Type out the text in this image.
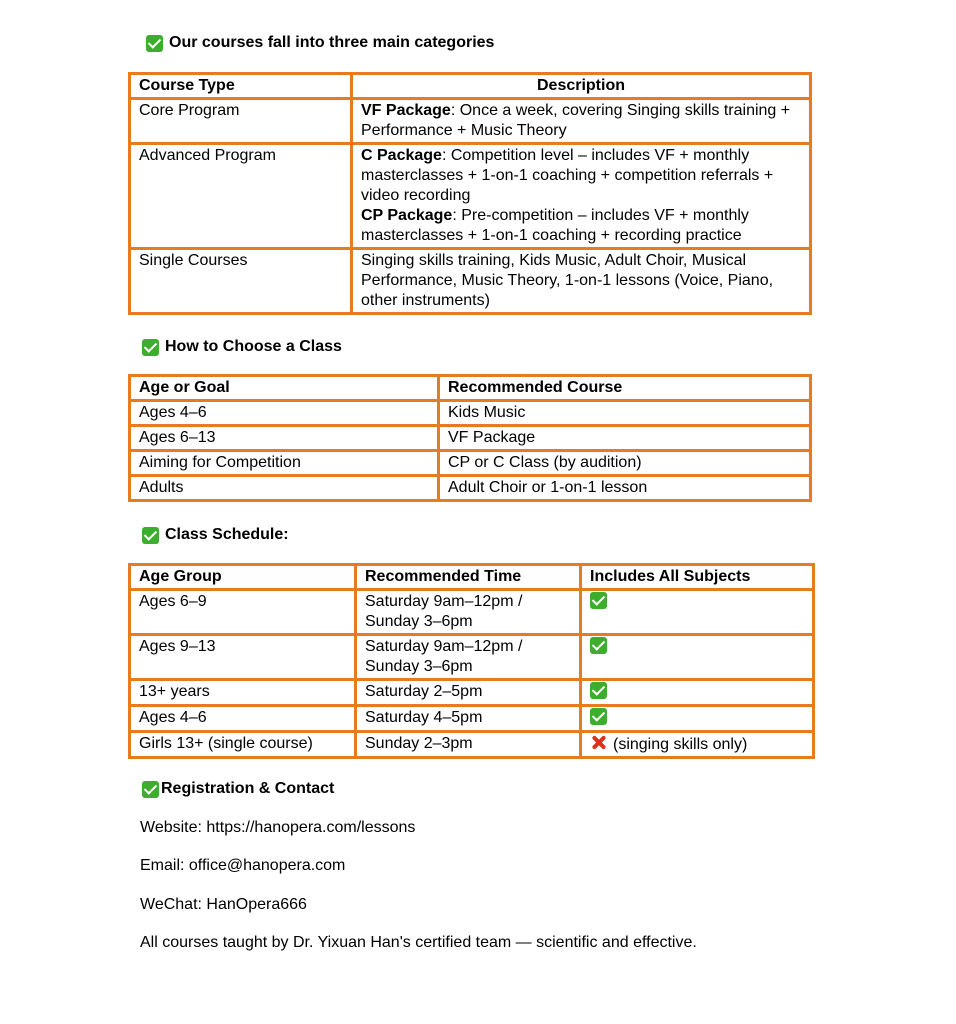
Our courses fall into three main categories
Course Type	Description
Core Program	VF Package: Once a week, covering Singing skills training + Performance + Music Theory

Advanced Program	C Package: Competition level – includes VF + monthly masterclasses + 1-on-1 coaching + competition referrals + video recording
CP Package: Pre-competition – includes VF + monthly masterclasses + 1-on-1 coaching + recording practice

Single Courses	Singing skills training, Kids Music, Adult Choir, Musical Performance, Music Theory, 1-on-1 lessons (Voice, Piano, other instruments)
How to Choose a Class
Age or Goal	Recommended Course
Ages 4–6	Kids Music
Ages 6–13	VF Package
Aiming for Competition	CP or C Class (by audition)
Adults	Adult Choir or 1-on-1 lesson
Class Schedule:
Age Group	Recommended Time	Includes All Subjects
Ages 6–9	Saturday 9am–12pm / Sunday 3–6pm	
Ages 9–13	Saturday 9am–12pm / Sunday 3–6pm	
13+ years	Saturday 2–5pm	
Ages 4–6	Saturday 4–5pm	
Girls 13+ (single course)	Sunday 2–3pm	(singing skills only)
Registration & Contact
Website: https://hanopera.com/lessons
Email: office@hanopera.com
WeChat: HanOpera666
All courses taught by Dr. Yixuan Han's certified team — scientific and effective.
